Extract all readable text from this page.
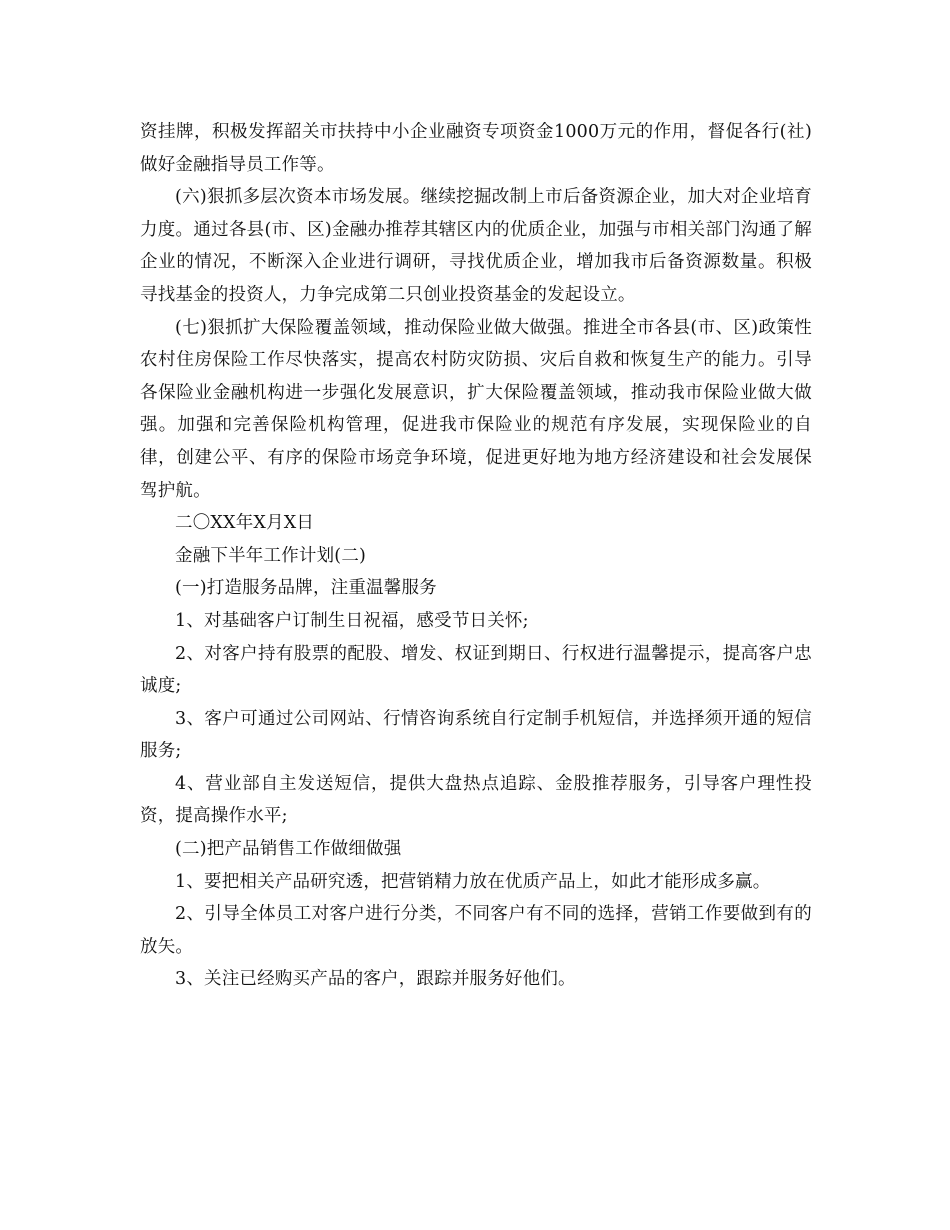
资挂牌，积极发挥韶关市扶持中小企业融资专项资金1000万元的作用，督促各行(社)做好金融指导员工作等。

(六)狠抓多层次资本市场发展。继续挖掘改制上市后备资源企业，加大对企业培育力度。通过各县(市、区)金融办推荐其辖区内的优质企业，加强与市相关部门沟通了解企业的情况，不断深入企业进行调研，寻找优质企业，增加我市后备资源数量。积极寻找基金的投资人，力争完成第二只创业投资基金的发起设立。

(七)狠抓扩大保险覆盖领域，推动保险业做大做强。推进全市各县(市、区)政策性农村住房保险工作尽快落实，提高农村防灾防损、灾后自救和恢复生产的能力。引导各保险业金融机构进一步强化发展意识，扩大保险覆盖领域，推动我市保险业做大做强。加强和完善保险机构管理，促进我市保险业的规范有序发展，实现保险业的自律，创建公平、有序的保险市场竞争环境，促进更好地为地方经济建设和社会发展保驾护航。

二〇XX年X月X日

金融下半年工作计划(二)

(一)打造服务品牌，注重温馨服务

1、对基础客户订制生日祝福，感受节日关怀;

2、对客户持有股票的配股、增发、权证到期日、行权进行温馨提示，提高客户忠诚度;

3、客户可通过公司网站、行情咨询系统自行定制手机短信，并选择须开通的短信服务;

4、营业部自主发送短信，提供大盘热点追踪、金股推荐服务，引导客户理性投资，提高操作水平;

(二)把产品销售工作做细做强

1、要把相关产品研究透，把营销精力放在优质产品上，如此才能形成多赢。

2、引导全体员工对客户进行分类，不同客户有不同的选择，营销工作要做到有的放矢。

3、关注已经购买产品的客户，跟踪并服务好他们。
